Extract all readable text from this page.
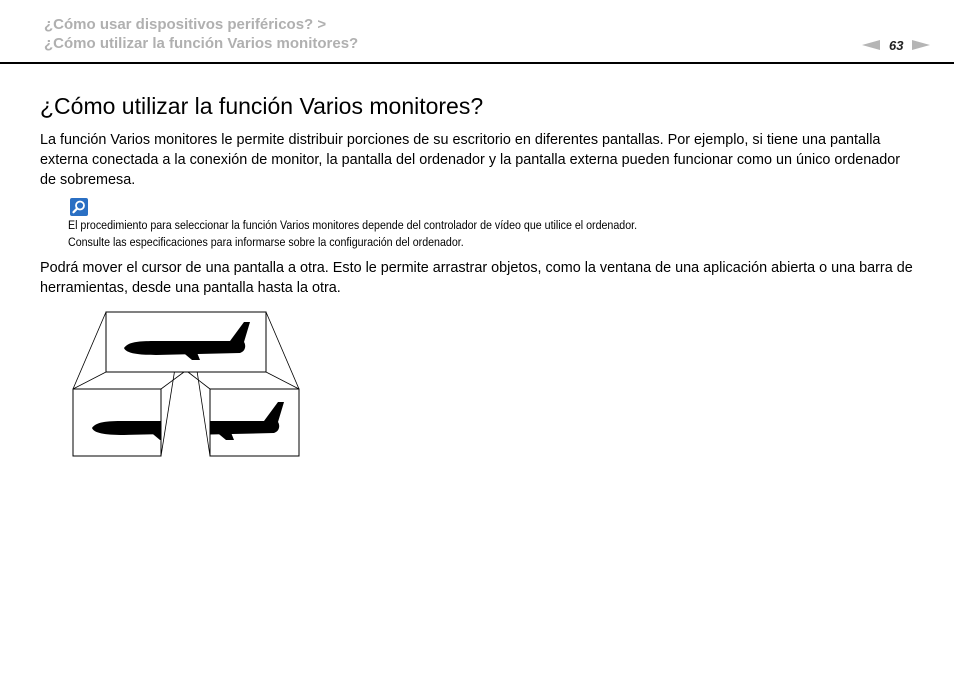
¿Cómo usar dispositivos periféricos? >
¿Cómo utilizar la función Varios monitores?	63
¿Cómo utilizar la función Varios monitores?

La función Varios monitores le permite distribuir porciones de su escritorio en diferentes pantallas. Por ejemplo, si tiene una pantalla externa conectada a la conexión de monitor, la pantalla del ordenador y la pantalla externa pueden funcionar como un único ordenador de sobremesa.

El procedimiento para seleccionar la función Varios monitores depende del controlador de vídeo que utilice el ordenador.
Consulte las especificaciones para informarse sobre la configuración del ordenador.

Podrá mover el cursor de una pantalla a otra. Esto le permite arrastrar objetos, como la ventana de una aplicación abierta o una barra de herramientas, desde una pantalla hasta la otra.
